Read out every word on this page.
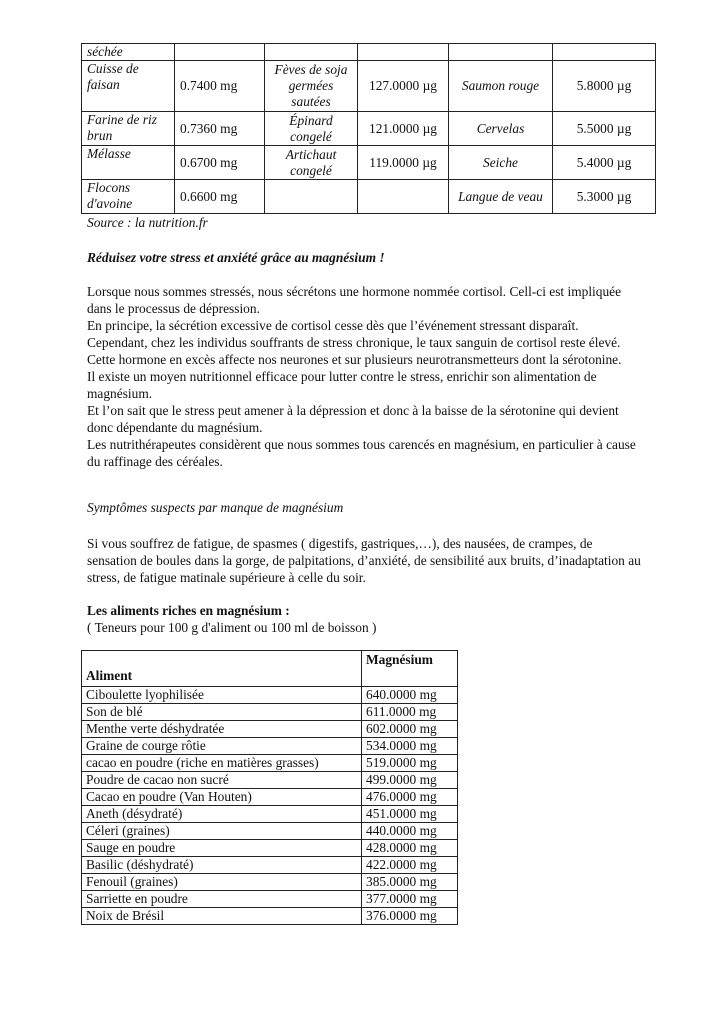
séchée					
Cuisse de faisan	0.7400 mg	Fèves de soja germées sautées	127.0000 µg	Saumon rouge	5.8000 µg
Farine de riz brun	0.7360 mg	Épinard congelé	121.0000 µg	Cervelas	5.5000 µg
Mélasse	0.6700 mg	Artichaut congelé	119.0000 µg	Seiche	5.4000 µg
Flocons d'avoine	0.6600 mg			Langue de veau	5.3000 µg
Source : la nutrition.fr
Réduisez votre stress et anxiété grâce au magnésium !
Lorsque nous sommes stressés, nous sécrétons une hormone nommée cortisol. Cell-ci est impliquée dans le processus de dépression.
En principe, la sécrétion excessive de cortisol cesse dès que l’événement stressant disparaît. Cependant, chez les individus souffrants de stress chronique, le taux sanguin de cortisol reste élevé. Cette hormone en excès affecte nos neurones et sur plusieurs neurotransmetteurs dont la sérotonine.
Il existe un moyen nutritionnel efficace pour lutter contre le stress, enrichir son alimentation de magnésium.
Et l’on sait que le stress peut amener à la dépression et donc à la baisse de la sérotonine qui devient donc dépendante du magnésium.
Les nutrithérapeutes considèrent que nous sommes tous carencés en magnésium, en particulier à cause du raffinage des céréales.
Symptômes suspects par manque de magnésium
Si vous souffrez de fatigue, de spasmes ( digestifs, gastriques,…), des nausées, de crampes, de sensation de boules dans la gorge, de palpitations, d’anxiété, de sensibilité aux bruits, d’inadaptation au stress, de fatigue matinale supérieure à celle du soir.
Les aliments riches en magnésium :
( Teneurs pour 100 g d'aliment ou 100 ml de boisson )
Aliment	Magnésium
Ciboulette lyophilisée	640.0000 mg
Son de blé	611.0000 mg
Menthe verte déshydratée	602.0000 mg
Graine de courge rôtie	534.0000 mg
cacao en poudre (riche en matières grasses)	519.0000 mg
Poudre de cacao non sucré	499.0000 mg
Cacao en poudre (Van Houten)	476.0000 mg
Aneth (désydraté)	451.0000 mg
Céleri (graines)	440.0000 mg
Sauge en poudre	428.0000 mg
Basilic (déshydraté)	422.0000 mg
Fenouil (graines)	385.0000 mg
Sarriette en poudre	377.0000 mg
Noix de Brésil	376.0000 mg
